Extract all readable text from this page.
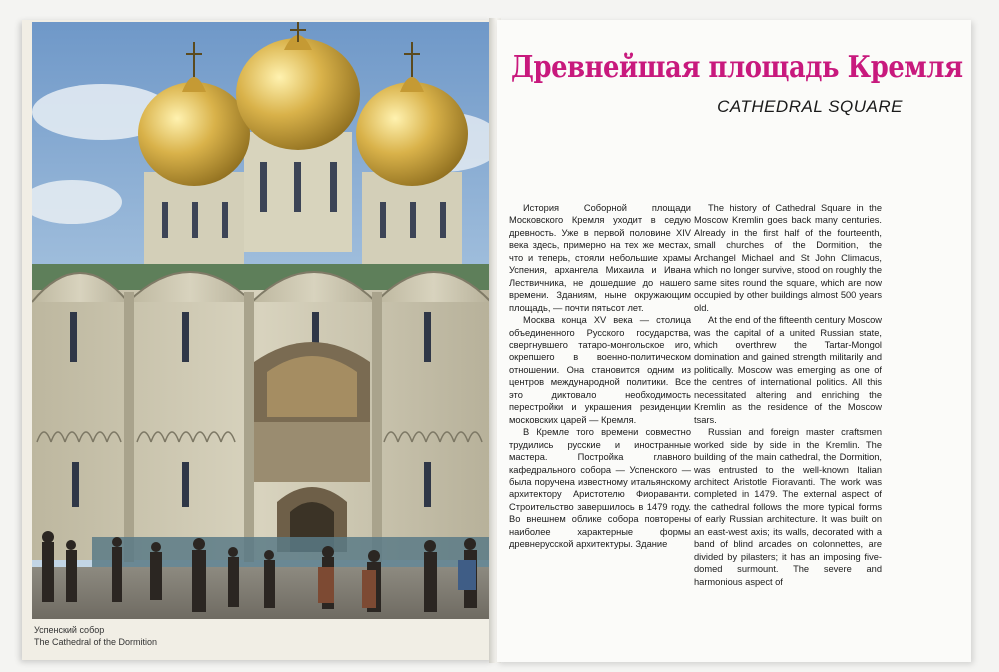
Успенский собор
The Cathedral of the Dormition
Древнейшая площадь Кремля
CATHEDRAL SQUARE

История Соборной площади Московского Кремля уходит в седую древность. Уже в первой половине XIV века здесь, примерно на тех же местах, что и теперь, стояли небольшие храмы Успения, архангела Михаила и Ивана Лествичника, не дошедшие до нашего времени. Зданиям, ныне окружающим площадь, — почти пятьсот лет.

Москва конца XV века — столица объединенного Русского государства, свергнувшего татаро-монгольское иго, окрепшего в военно-политическом отношении. Она становится одним из центров международной политики. Все это диктовало необходимость перестройки и украшения резиденции московских царей — Кремля.

В Кремле того времени совместно трудились русские и иностранные мастера. Постройка главного кафедрального собора — Успенского — была поручена известному итальянскому архитектору Аристотелю Фиораванти. Строительство завершилось в 1479 году. Во внешнем облике собора повторены наиболее характерные формы древнерусской архитектуры. Здание

The history of Cathedral Square in the Moscow Kremlin goes back many centuries. Already in the first half of the fourteenth, small churches of the Dormition, the Archangel Michael and St John Climacus, which no longer survive, stood on roughly the same sites round the square, which are now occupied by other buildings almost 500 years old.

At the end of the fifteenth century Moscow was the capital of a united Russian state, which overthrew the Tartar-Mongol domination and gained strength militarily and politically. Moscow was emerging as one of the centres of international politics. All this necessitated altering and enriching the Kremlin as the residence of the Moscow tsars.

Russian and foreign master craftsmen worked side by side in the Kremlin. The building of the main cathedral, the Dormition, was entrusted to the well-known Italian architect Aristotle Fioravanti. The work was completed in 1479. The external aspect of the cathedral follows the more typical forms of early Russian architecture. It was built on an east-west axis; its walls, decorated with a band of blind arcades on colonnettes, are divided by pilasters; it has an imposing five-domed surmount. The severe and harmonious aspect of
